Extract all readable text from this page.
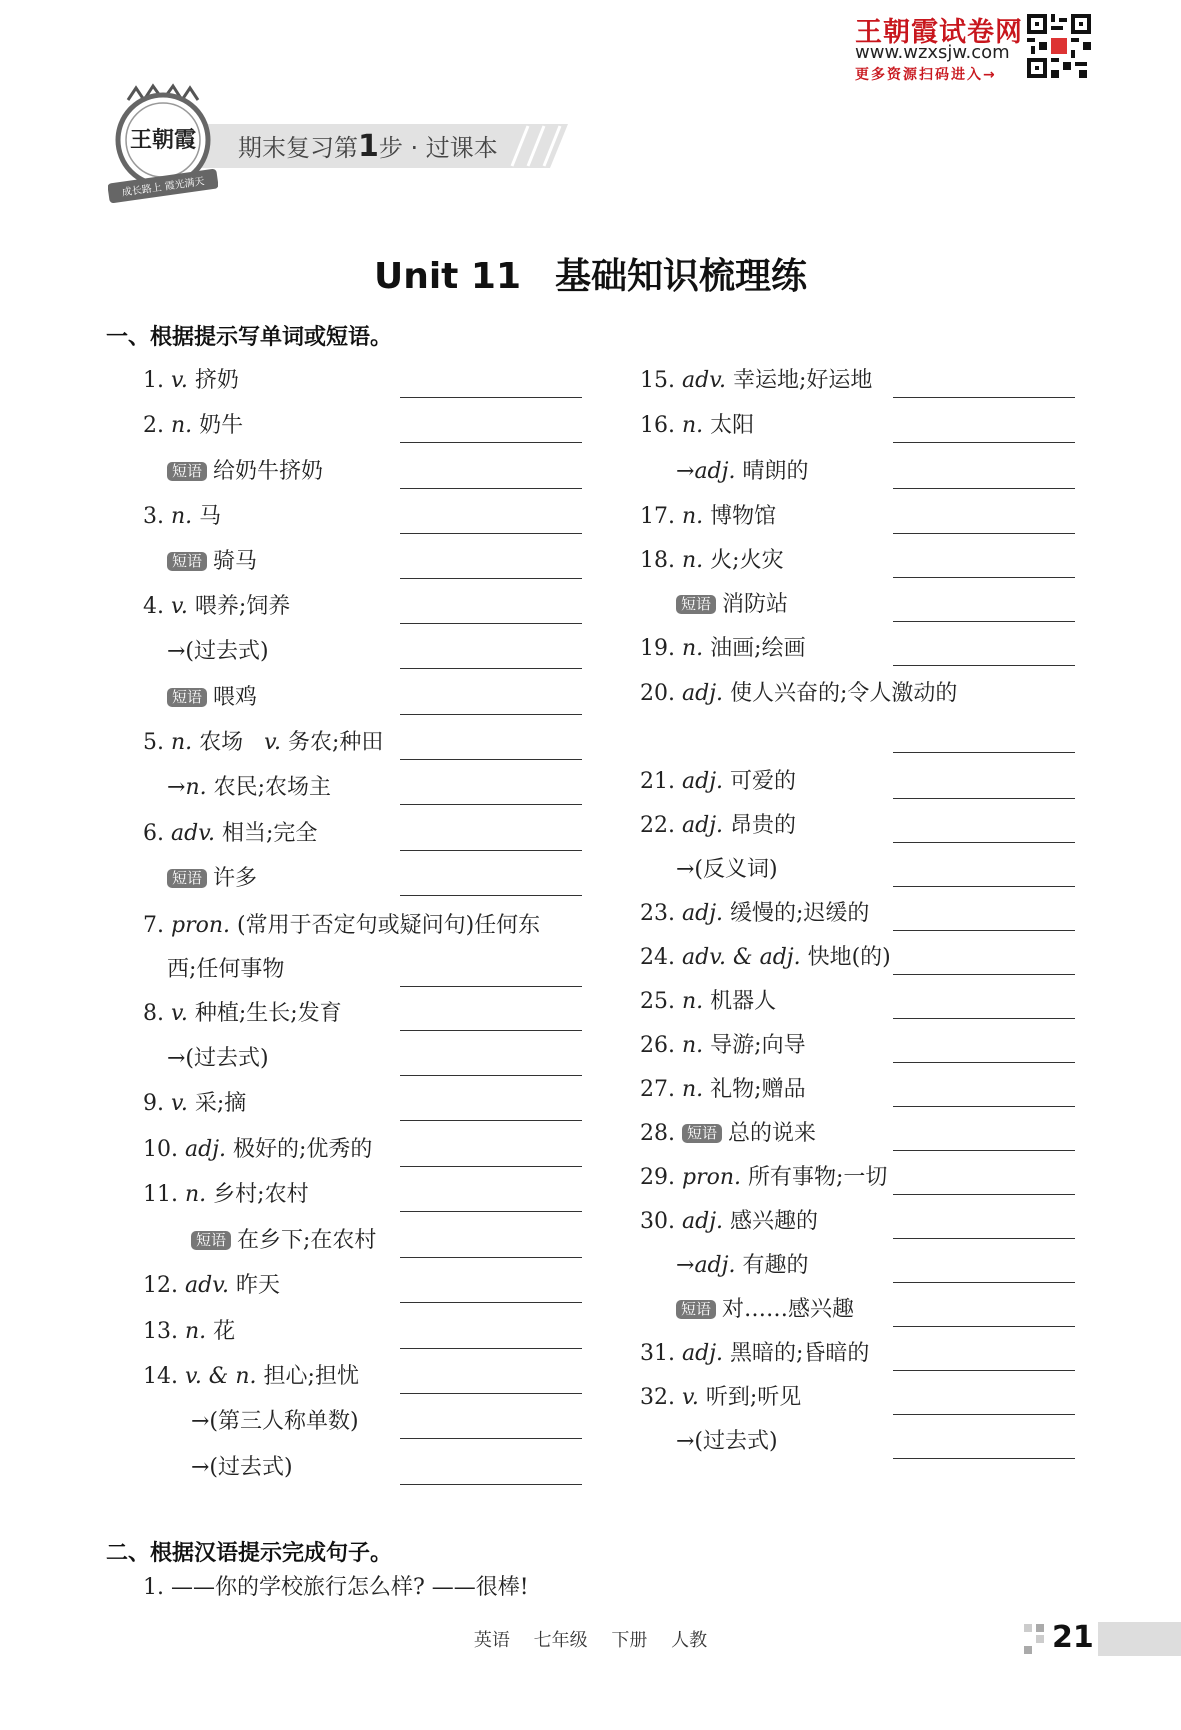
王朝霞试卷网
www.wzxsjw.com
更多资源扫码进入→
期末复习第1步 · 过课本
王朝霞
成长路上 霞光满天
Unit 11 基础知识梳理练
一、根据提示写单词或短语。
1. v. 挤奶
2. n. 奶牛
短语 给奶牛挤奶
3. n. 马
短语 骑马
4. v. 喂养;饲养
→(过去式)
短语 喂鸡
5. n. 农场 v. 务农;种田
→n. 农民;农场主
6. adv. 相当;完全
短语 许多
7. pron. (常用于否定句或疑问句)任何东
西;任何事物
8. v. 种植;生长;发育
→(过去式)
9. v. 采;摘
10. adj. 极好的;优秀的
11. n. 乡村;农村
短语 在乡下;在农村
12. adv. 昨天
13. n. 花
14. v. & n. 担心;担忧
→(第三人称单数)
→(过去式)
15. adv. 幸运地;好运地
16. n. 太阳
→adj. 晴朗的
17. n. 博物馆
18. n. 火;火灾
短语 消防站
19. n. 油画;绘画
20. adj. 使人兴奋的;令人激动的
21. adj. 可爱的
22. adj. 昂贵的
→(反义词)
23. adj. 缓慢的;迟缓的
24. adv. & adj. 快地(的)
25. n. 机器人
26. n. 导游;向导
27. n. 礼物;赠品
28. 短语 总的说来
29. pron. 所有事物;一切
30. adj. 感兴趣的
→adj. 有趣的
短语 对……感兴趣
31. adj. 黑暗的;昏暗的
32. v. 听到;听见
→(过去式)
二、根据汉语提示完成句子。
1. ——你的学校旅行怎么样? ——很棒!
英语 七年级 下册 人教	21
